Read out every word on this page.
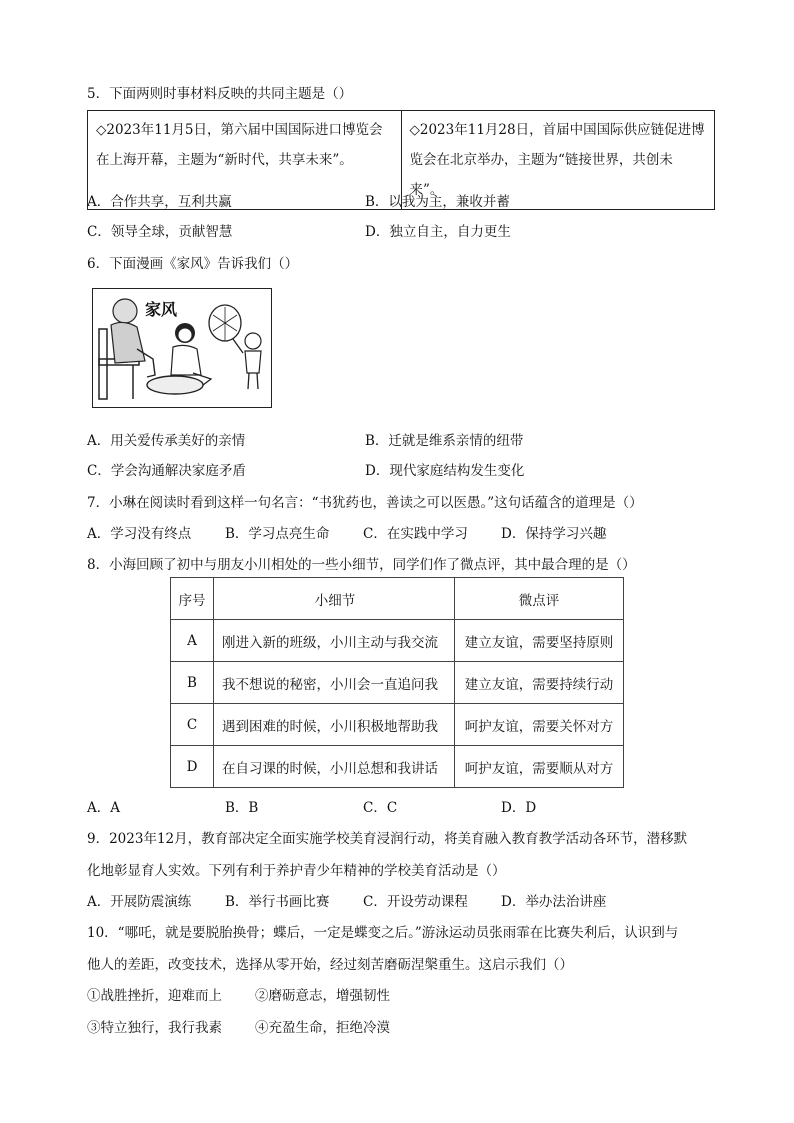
5．下面两则时事材料反映的共同主题是（）
◇2023年11月5日，第六届中国国际进口博览会在上海开幕，主题为“新时代，共享未来”。	◇2023年11月28日，首届中国国际供应链促进博览会在北京举办，主题为“链接世界，共创未来”。
A．合作共享，互利共赢	B．以我为主，兼收并蓄
C．领导全球，贡献智慧	D．独立自主，自力更生
6．下面漫画《家风》告诉我们（）
家风
A．用关爱传承美好的亲情	B．迁就是维系亲情的纽带
C．学会沟通解决家庭矛盾	D．现代家庭结构发生变化
7．小琳在阅读时看到这样一句名言：“书犹药也，善读之可以医愚。”这句话蕴含的道理是（）
A．学习没有终点	B．学习点亮生命 C．在实践中学习 D．保持学习兴趣
8．小海回顾了初中与朋友小川相处的一些小细节，同学们作了微点评，其中最合理的是（）
序号	小细节	微点评
A	刚进入新的班级，小川主动与我交流	建立友谊，需要坚持原则
B	我不想说的秘密，小川会一直追问我	建立友谊，需要持续行动
C	遇到困难的时候，小川积极地帮助我	呵护友谊，需要关怀对方
D	在自习课的时候，小川总想和我讲话	呵护友谊，需要顺从对方
A．A	B．B	C．C	D．D
9．2023年12月，教育部决定全面实施学校美育浸润行动，将美育融入教育教学活动各环节，潜移默
化地彰显育人实效。下列有利于养护青少年精神的学校美育活动是（）
A．开展防震演练	B．举行书画比赛 C．开设劳动课程 D．举办法治讲座
10．“哪吒，就是要脱胎换骨；蝶后，一定是蝶变之后。”游泳运动员张雨霏在比赛失利后，认识到与
他人的差距，改变技术，选择从零开始，经过刻苦磨砺涅槃重生。这启示我们（）
①战胜挫折，迎难而上 ②磨砺意志，增强韧性
③特立独行，我行我素 ④充盈生命，拒绝冷漠
